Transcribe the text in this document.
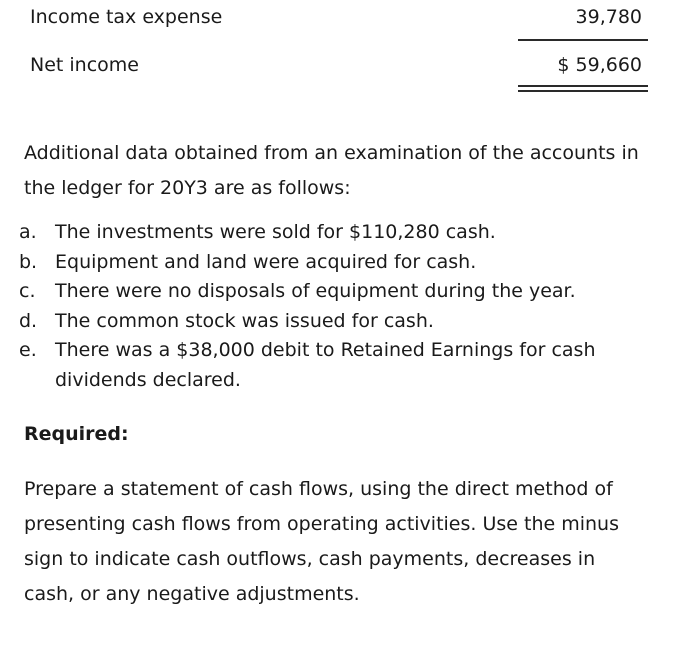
Income tax expense	39,780
Net income	$ 59,660

Additional data obtained from an examination of the accounts in the ledger for 20Y3 are as follows:

a. The investments were sold for $110,280 cash.
b. Equipment and land were acquired for cash.
c. There were no disposals of equipment during the year.
d. The common stock was issued for cash.
e. There was a $38,000 debit to Retained Earnings for cash dividends declared.

Required:

Prepare a statement of cash flows, using the direct method of presenting cash flows from operating activities. Use the minus sign to indicate cash outflows, cash payments, decreases in cash, or any negative adjustments.
